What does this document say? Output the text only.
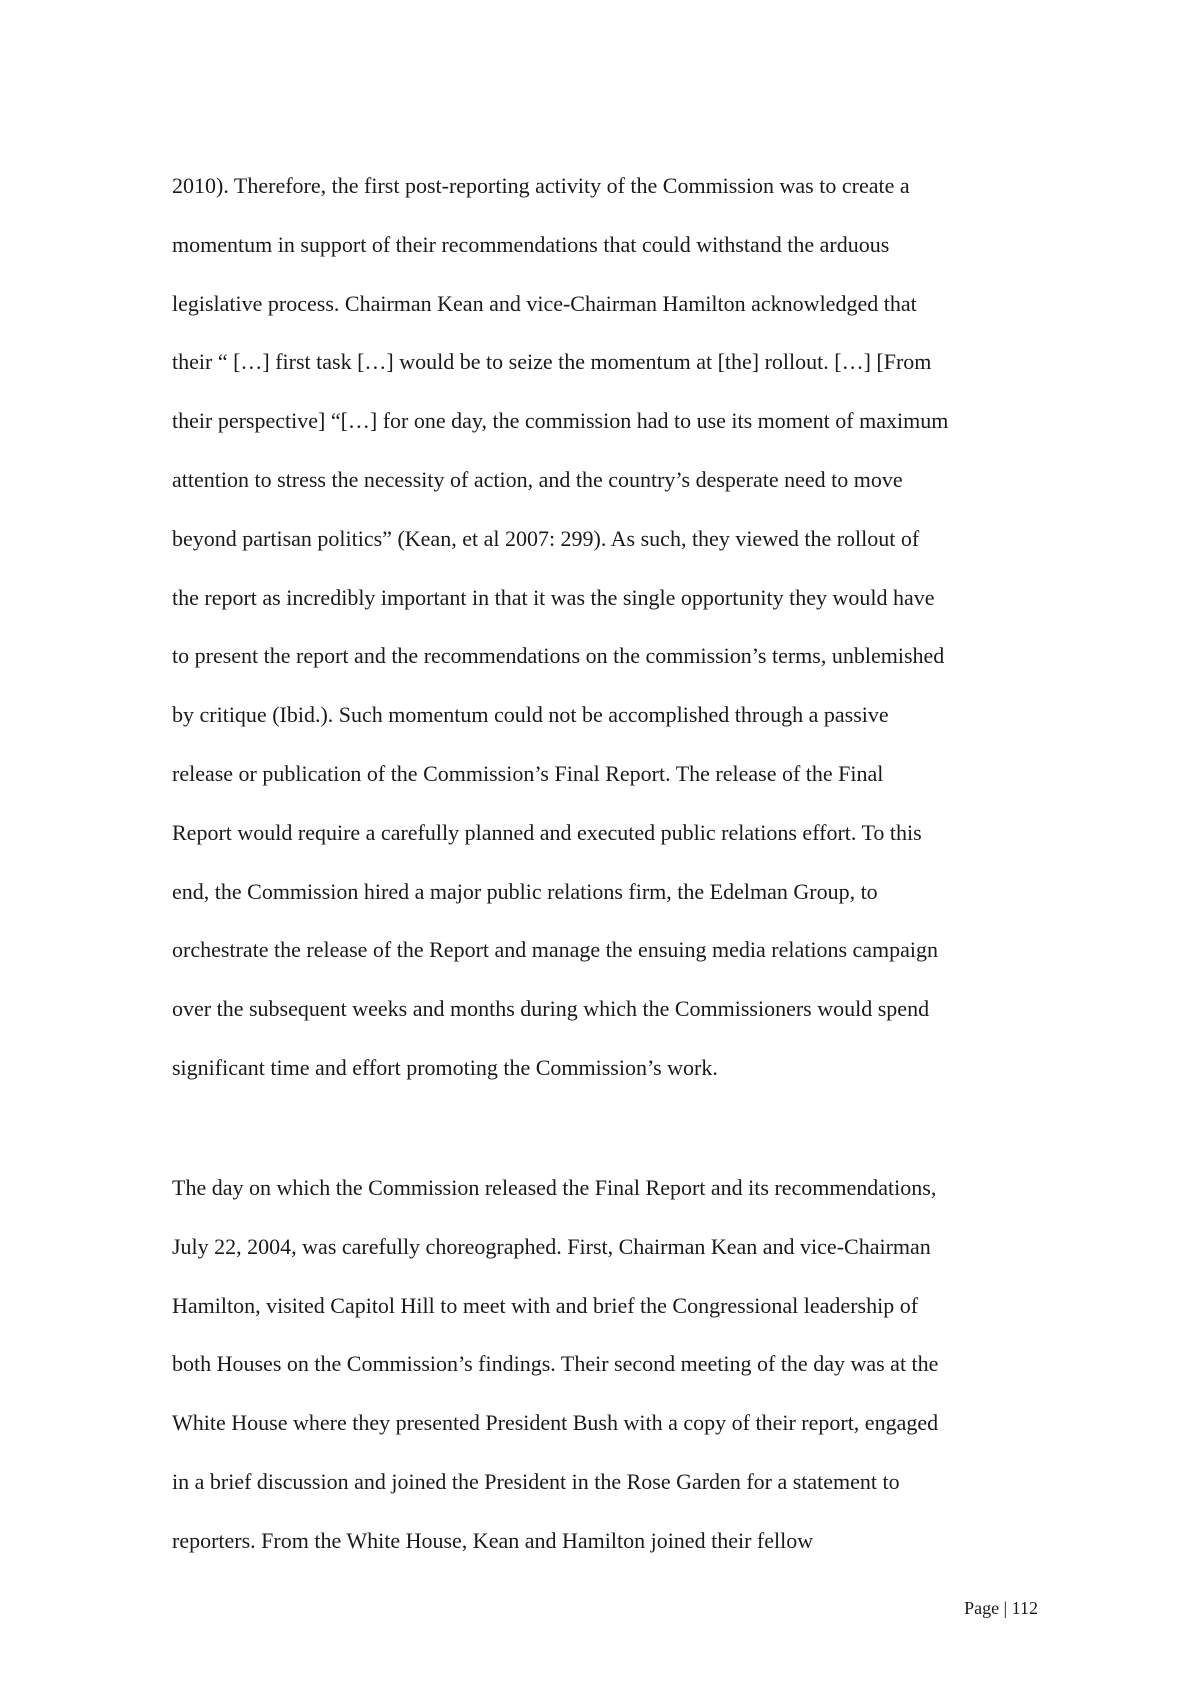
2010). Therefore, the first post-reporting activity of the Commission was to create a
momentum in support of their recommendations that could withstand the arduous
legislative process. Chairman Kean and vice-Chairman Hamilton acknowledged that
their “ […] first task […] would be to seize the momentum at [the] rollout. […] [From
their perspective] “[…] for one day, the commission had to use its moment of maximum
attention to stress the necessity of action, and the country’s desperate need to move
beyond partisan politics” (Kean, et al 2007: 299). As such, they viewed the rollout of
the report as incredibly important in that it was the single opportunity they would have
to present the report and the recommendations on the commission’s terms, unblemished
by critique (Ibid.). Such momentum could not be accomplished through a passive
release or publication of the Commission’s Final Report. The release of the Final
Report would require a carefully planned and executed public relations effort. To this
end, the Commission hired a major public relations firm, the Edelman Group, to
orchestrate the release of the Report and manage the ensuing media relations campaign
over the subsequent weeks and months during which the Commissioners would spend
significant time and effort promoting the Commission’s work.
The day on which the Commission released the Final Report and its recommendations,
July 22, 2004, was carefully choreographed. First, Chairman Kean and vice-Chairman
Hamilton, visited Capitol Hill to meet with and brief the Congressional leadership of
both Houses on the Commission’s findings. Their second meeting of the day was at the
White House where they presented President Bush with a copy of their report, engaged
in a brief discussion and joined the President in the Rose Garden for a statement to
reporters. From the White House, Kean and Hamilton joined their fellow
Page | 112
